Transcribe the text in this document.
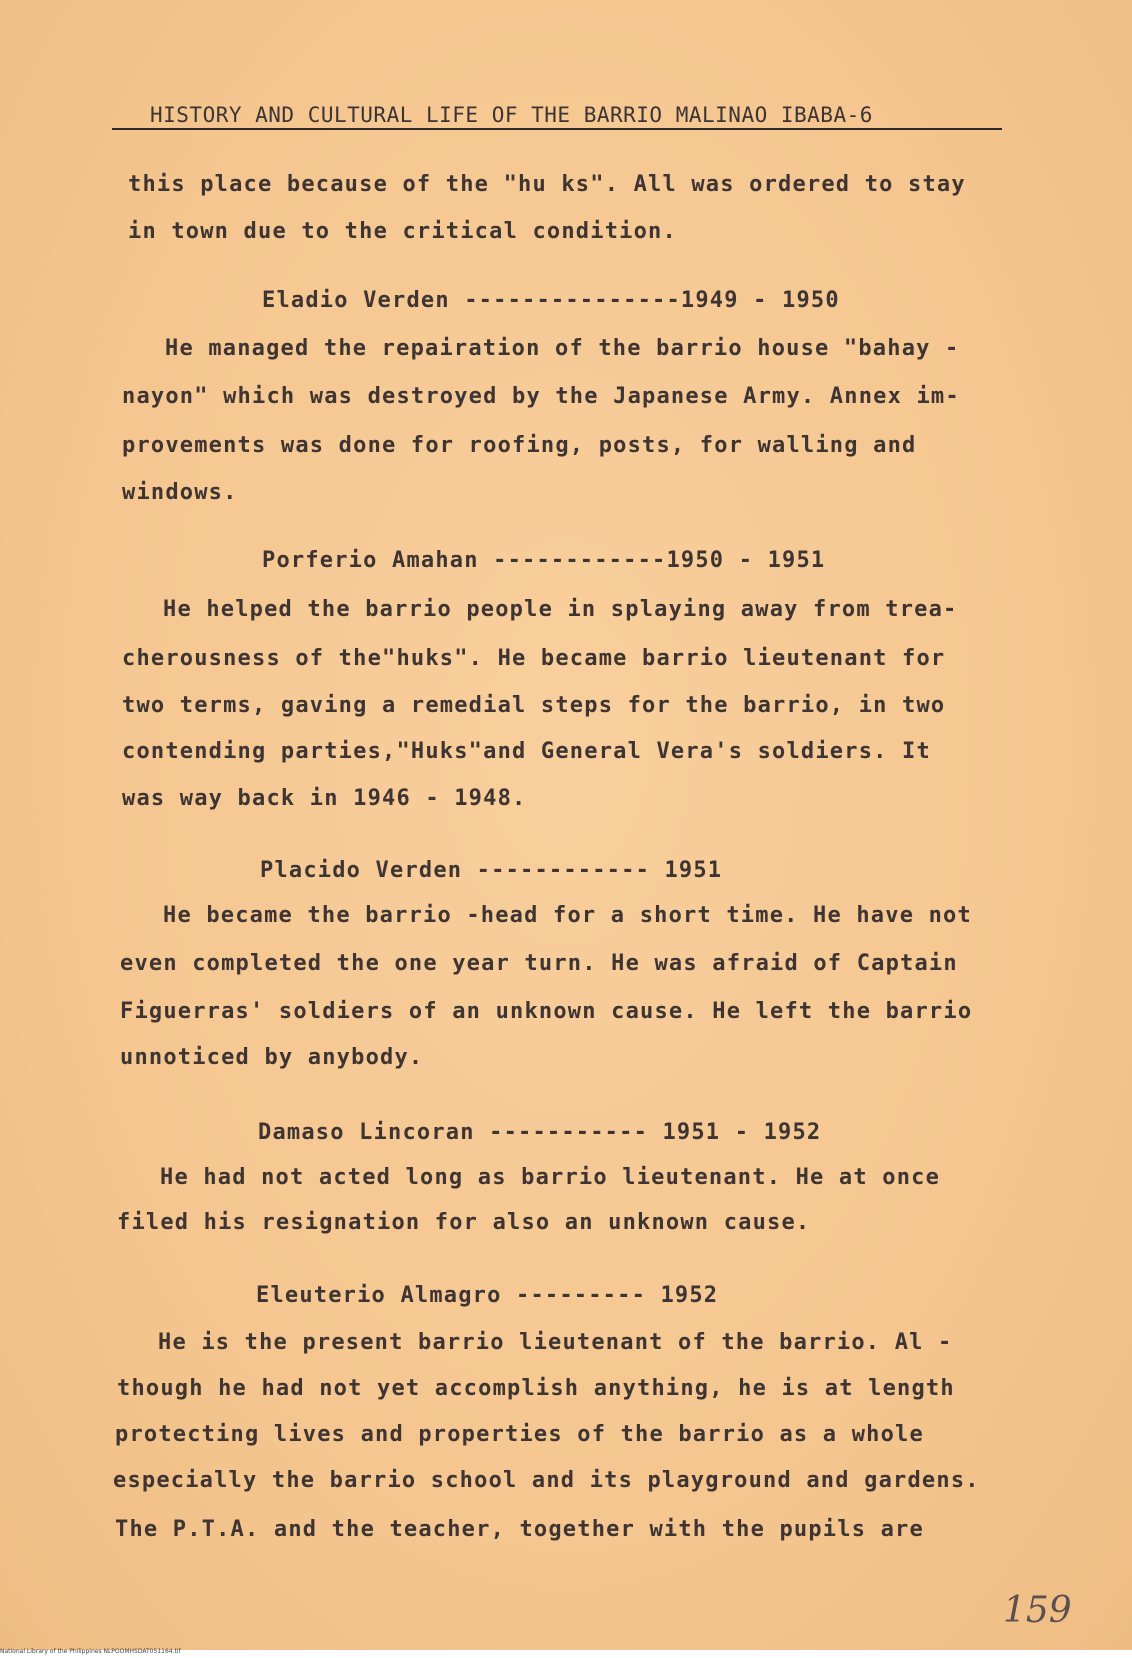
HISTORY AND CULTURAL LIFE OF THE BARRIO MALINAO IBABA-6
this place because of the "hu ks". All was ordered to stay
in town due to the critical condition.
Eladio Verden ---------------1949 - 1950
He managed the repairation of the barrio house "bahay -
nayon" which was destroyed by the Japanese Army. Annex im-
provements was done for roofing, posts, for walling and
windows.
Porferio Amahan ------------1950 - 1951
He helped the barrio people in splaying away from trea-
cherousness of the"huks". He became barrio lieutenant for
two terms, gaving a remedial steps for the barrio, in two
contending parties,"Huks"and General Vera's soldiers. It
was way back in 1946 - 1948.
Placido Verden ------------ 1951
He became the barrio -head for a short time. He have not
even completed the one year turn. He was afraid of Captain
Figuerras' soldiers of an unknown cause. He left the barrio
unnoticed by anybody.
Damaso Lincoran ----------- 1951 - 1952
He had not acted long as barrio lieutenant. He at once
filed his resignation for also an unknown cause.
Eleuterio Almagro --------- 1952
He is the present barrio lieutenant of the barrio. Al -
though he had not yet accomplish anything, he is at length
protecting lives and properties of the barrio as a whole
especially the barrio school and its playground and gardens.
The P.T.A. and the teacher, together with the pupils are
159
National Library of the Philippines NLPOOMHSDAT051164.tif
